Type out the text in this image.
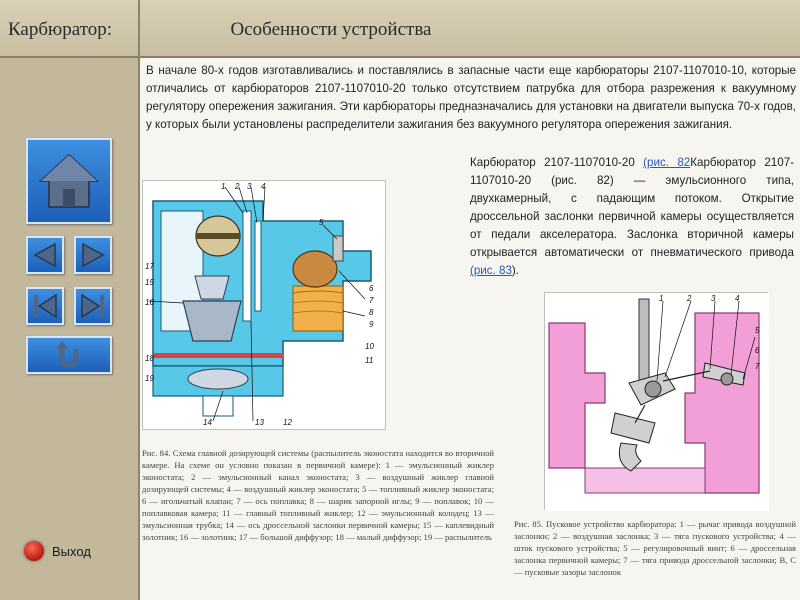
Карбюратор:	Особенности устройства
Выход

В начале 80-х годов изготавливались и поставлялись в запасные части еще карбюраторы 2107-1107010-10, которые отличались от карбюраторов 2107-1107010-20 только отсутствием патрубка для отбора разрежения к вакуумному регулятору опережения зажигания. Эти карбюраторы предназначались для установки на двигатели выпуска 70-х годов, у которых были установлены распределители зажигания без вакуумного регулятора опережения зажигания.

Карбюратор 2107-1107010-20 (рис. 82Карбюратор 2107-1107010-20 (рис. 82) — эмульсионного типа, двухкамерный, с падающим потоком. Открытие дроссельной заслонки первичной камеры осуществляется от педали акселератора. Заслонка вторичной камеры открывается автоматически от пневматического привода (рис. 83).

1 2 3 4
5
6
7
8
9
10
11
12
13
14
15
16
17
18
19
1	2 3 4
5
6
7

Рис. 84. Схема главной дозирующей системы (распылитель эконостата находится во вторичной камере. На схеме он условно показан в первичной камере): 1 — эмульсионный жиклер эконостата; 2 — эмульсионный канал эконостата; 3 — воздушный жиклер главной дозирующей системы; 4 — воздушный жиклер эконостата; 5 — топливный жиклер эконостата; 6 — игольчатый клапан; 7 — ось поплавка; 8 — шарик запорной иглы; 9 — поплавок; 10 — поплавковая камера; 11 — главный топливный жиклер; 12 — эмульсионный колодец; 13 — эмульсионная трубка; 14 — ось дроссельной заслонки первичной камеры; 15 — каплевидный золотник; 16 — золотник; 17 — большой диффузор; 18 — малый диффузор; 19 — распылитель

Рис. 85. Пусковое устройство карбюратора: 1 — рычаг привода воздушной заслонки; 2 — воздушная заслонка; 3 — тяга пускового устройства; 4 — шток пускового устройства; 5 — регулировочный винт; 6 — дроссельная заслонка первичной камеры; 7 — тяга привода дроссельной заслонки; В, С — пусковые зазоры заслонок
